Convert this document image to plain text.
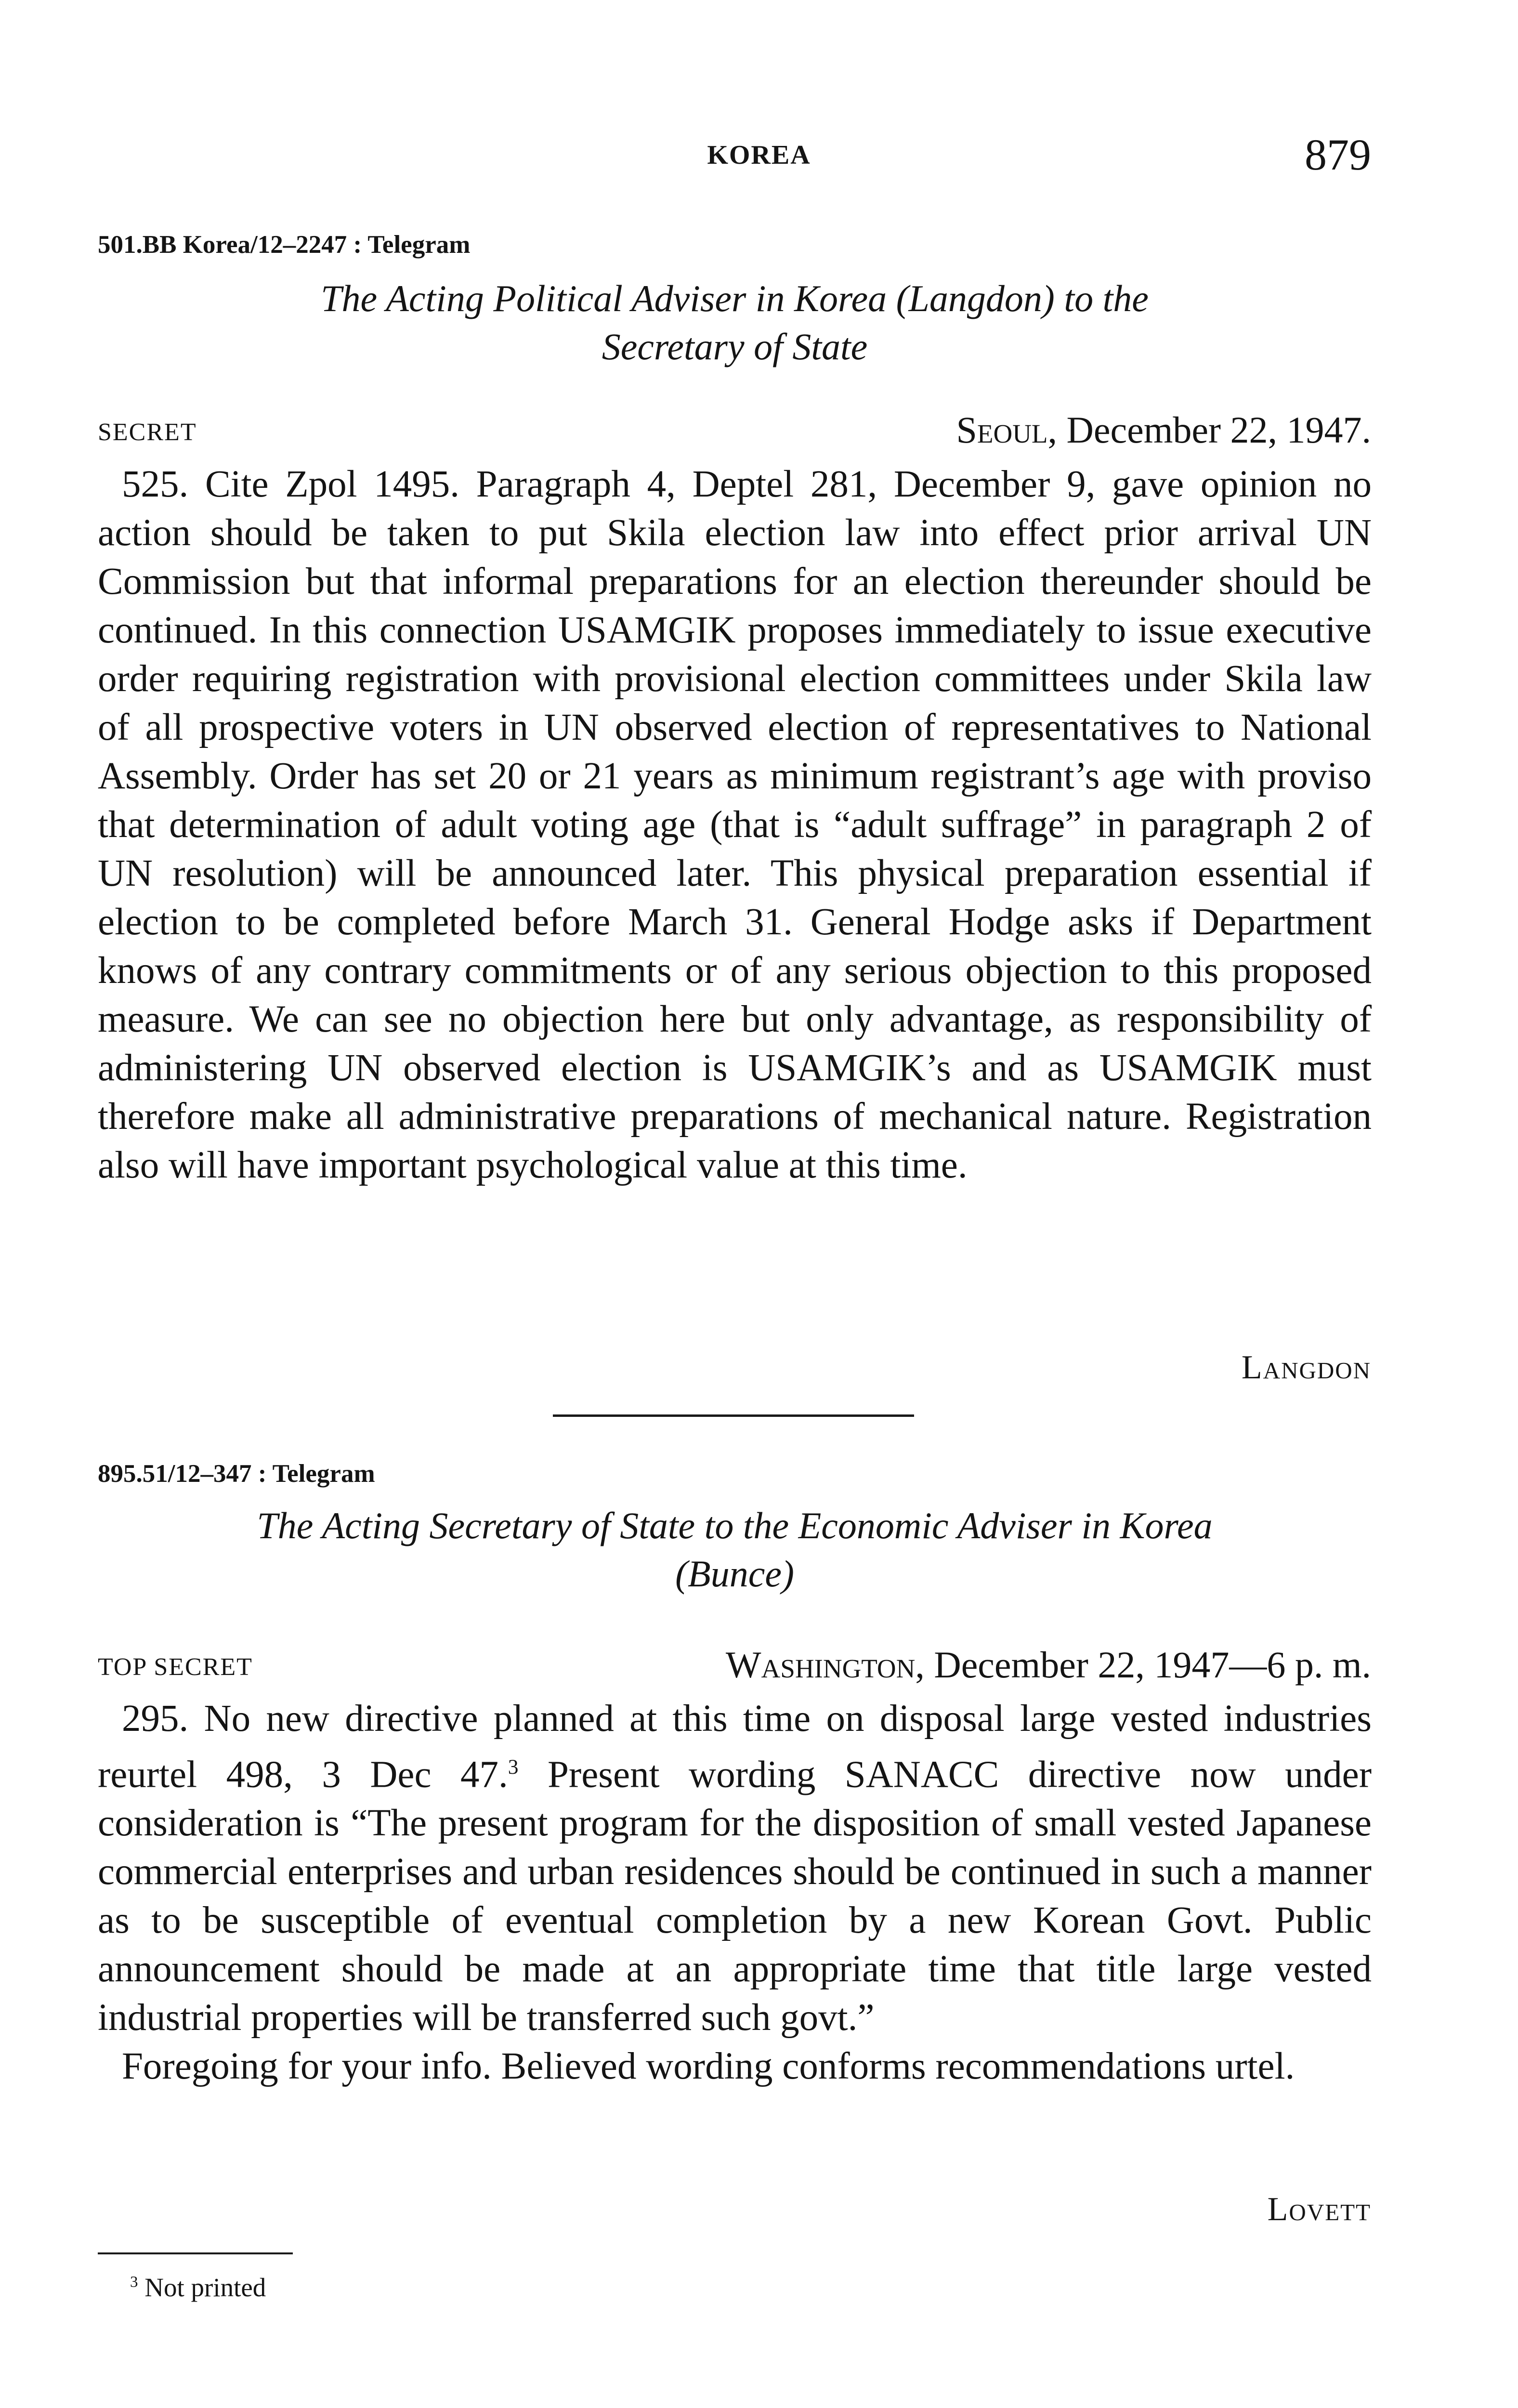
KOREA	879
501.BB Korea/12–2247 : Telegram
The Acting Political Adviser in Korea (Langdon) to the
Secretary of State
SECRET	Seoul, December 22, 1947.

525. Cite Zpol 1495. Paragraph 4, Deptel 281, December 9, gave opinion no action should be taken to put Skila election law into effect prior arrival UN Commission but that informal preparations for an election thereunder should be continued. In this connection USAMGIK proposes immediately to issue executive order requiring registration with provisional election committees under Skila law of all prospective voters in UN observed election of representatives to National Assembly. Order has set 20 or 21 years as minimum registrant’s age with proviso that determination of adult voting age (that is “adult suffrage” in paragraph 2 of UN resolution) will be announced later. This physical preparation essential if election to be completed before March 31. General Hodge asks if Department knows of any contrary commitments or of any serious objection to this proposed measure. We can see no objection here but only advantage, as responsibility of administering UN observed election is USAMGIK’s and as USAMGIK must therefore make all administrative preparations of mechanical nature. Registration also will have important psychological value at this time.

Langdon
895.51/12–347 : Telegram
The Acting Secretary of State to the Economic Adviser in Korea
(Bunce)
TOP SECRET	Washington, December 22, 1947—6 p. m.

295. No new directive planned at this time on disposal large vested industries reurtel 498, 3 Dec 47.$^3$ Present wording SANACC directive now under consideration is “The present program for the disposition of small vested Japanese commercial enterprises and urban residences should be continued in such a manner as to be susceptible of eventual completion by a new Korean Govt. Public announcement should be made at an appropriate time that title large vested industrial properties will be transferred such govt.”

Foregoing for your info. Believed wording conforms recommendations urtel.

Lovett
$^3$ Not printed
